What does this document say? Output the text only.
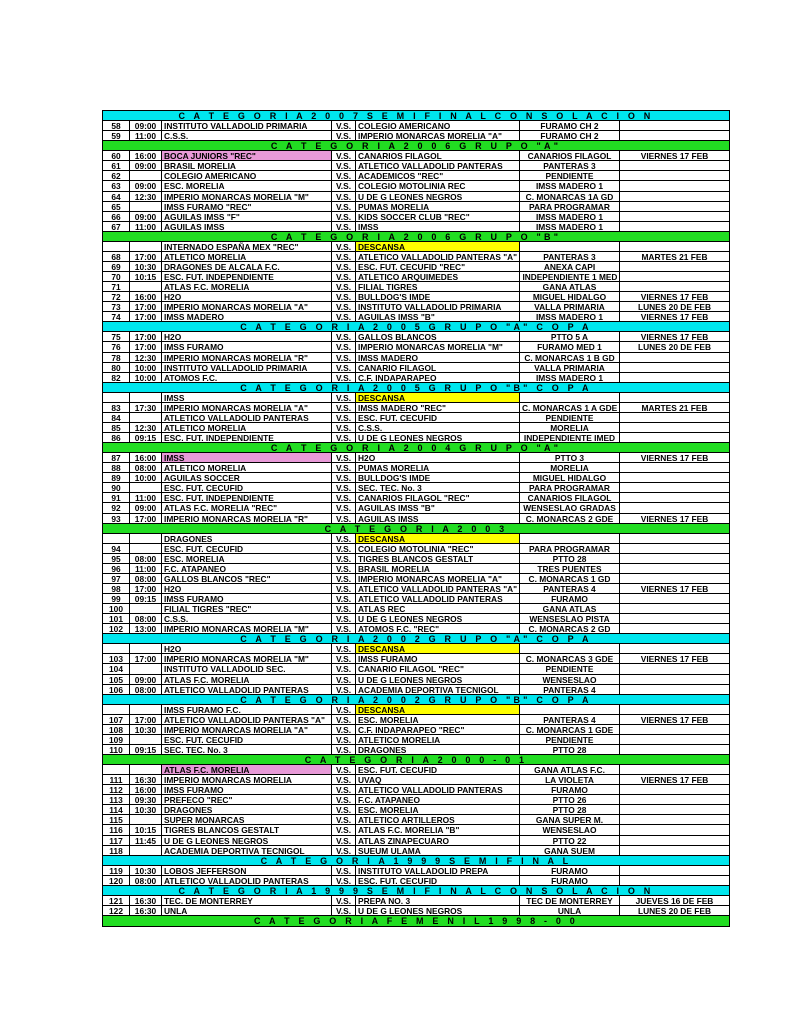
C A T E G O R I A 2 0 0 7 S E M I F I N A L C O N S O L A C I O N
58	09:00 INSTITUTO VALLADOLID PRIMARIA	V.S. COLEGIO AMERICANO	FURAMO CH 2
59	11:00 C.S.S.	V.S. IMPERIO MONARCAS MORELIA "A"	FURAMO CH 2
C A T E G O R I A 2 0 0 6 G R U P O "A"
60	16:00 BOCA JUNIORS "REC"	V.S. CANARIOS FILAGOL	CANARIOS FILAGOL	VIERNES 17 FEB
61	09:00 BRASIL MORELIA	V.S. ATLETICO VALLADOLID PANTERAS	PANTERAS 3
62	COLEGIO AMERICANO	V.S. ACADEMICOS "REC"	PENDIENTE
63	09:00 ESC. MORELIA	V.S. COLEGIO MOTOLINIA REC	IMSS MADERO 1
64	12:30 IMPERIO MONARCAS MORELIA "M"	V.S. U DE G LEONES NEGROS	C. MONARCAS 1A GD
65	IMSS FURAMO "REC"	V.S. PUMAS MORELIA	PARA PROGRAMAR
66	09:00 AGUILAS IMSS "F"	V.S. KIDS SOCCER CLUB "REC"	IMSS MADERO 1
67	11:00 AGUILAS IMSS	V.S. IMSS	IMSS MADERO 1
C A T E G O R I A 2 0 0 6 G R U P O "B"
INTERNADO ESPAÑA MEX "REC"	V.S. DESCANSA
68	17:00 ATLETICO MORELIA	V.S. ATLETICO VALLADOLID PANTERAS "A"	PANTERAS 3	MARTES 21 FEB
69	10:30 DRAGONES DE ALCALA F.C.	V.S. ESC. FUT. CECUFID "REC"	ANEXA CAPI
70	10:15 ESC. FUT. INDEPENDIENTE	V.S. ATLETICO ARQUIMEDES	INDEPENDIENTE 1 MED
71	ATLAS F.C. MORELIA	V.S. FILIAL TIGRES	GANA ATLAS
72	16:00 H2O	V.S. BULLDOG'S IMDE	MIGUEL HIDALGO	VIERNES 17 FEB
73	17:00 IMPERIO MONARCAS MORELIA "A"	V.S. INSTITUTO VALLADOLID PRIMARIA	VALLA PRIMARIA	LUNES 20 DE FEB
74	17:00 IMSS MADERO	V.S. AGUILAS IMSS "B"	IMSS MADERO 1	VIERNES 17 FEB
C A T E G O R I A 2 0 0 5 G R U P O "A" C O P A
75	17:00 H2O	V.S. GALLOS BLANCOS	PTTO 5 A	VIERNES 17 FEB
76	17:00 IMSS FURAMO	V.S. IMPERIO MONARCAS MORELIA "M"	FURAMO MED 1	LUNES 20 DE FEB
78	12:30 IMPERIO MONARCAS MORELIA "R"	V.S. IMSS MADERO	C. MONARCAS 1 B GD
80	10:00 INSTITUTO VALLADOLID PRIMARIA	V.S. CANARIO FILAGOL	VALLA PRIMARIA
82	10:00 ATOMOS F.C.	V.S. C.F. INDAPARAPEO	IMSS MADERO 1
C A T E G O R I A 2 0 0 5 G R U P O "B" C O P A
IMSS	V.S. DESCANSA
83	17:30 IMPERIO MONARCAS MORELIA "A"	V.S. IMSS MADERO "REC"	C. MONARCAS 1 A GDE	MARTES 21 FEB
84	ATLETICO VALLADOLID PANTERAS	V.S. ESC. FUT. CECUFID	PENDIENTE
85	12:30 ATLETICO MORELIA	V.S. C.S.S.	MORELIA
86	09:15 ESC. FUT. INDEPENDIENTE	V.S. U DE G LEONES NEGROS	INDEPENDIENTE IMED
C A T E G O R I A 2 0 0 4 G R U P O "A"
87	16:00 IMSS	V.S. H2O	PTTO 3	VIERNES 17 FEB
88	08:00 ATLETICO MORELIA	V.S. PUMAS MORELIA	MORELIA
89	10:00 AGUILAS SOCCER	V.S. BULLDOG'S IMDE	MIGUEL HIDALGO
90	ESC. FUT. CECUFID	V.S. SEC. TEC. No. 3	PARA PROGRAMAR
91	11:00 ESC. FUT. INDEPENDIENTE	V.S. CANARIOS FILAGOL "REC"	CANARIOS FILAGOL
92	09:00 ATLAS F.C. MORELIA "REC"	V.S. AGUILAS IMSS "B"	WENSESLAO GRADAS
93	17:00 IMPERIO MONARCAS MORELIA "R"	V.S. AGUILAS IMSS	C. MONARCAS 2 GDE	VIERNES 17 FEB
C A T E G O R I A 2 0 0 3
DRAGONES	V.S. DESCANSA
94	ESC. FUT. CECUFID	V.S. COLEGIO MOTOLINIA "REC"	PARA PROGRAMAR
95	08:00 ESC. MORELIA	V.S. TIGRES BLANCOS GESTALT	PTTO 28
96	11:00 F.C. ATAPANEO	V.S. BRASIL MORELIA	TRES PUENTES
97	08:00 GALLOS BLANCOS "REC"	V.S. IMPERIO MONARCAS MORELIA "A"	C. MONARCAS 1 GD
98	17:00 H2O	V.S. ATLETICO VALLADOLID PANTERAS "A"	PANTERAS 4	VIERNES 17 FEB
99	09:15 IMSS FURAMO	V.S. ATLETICO VALLADOLID PANTERAS	FURAMO
100	FILIAL TIGRES "REC"	V.S. ATLAS REC	GANA ATLAS
101	08:00 C.S.S.	V.S. U DE G LEONES NEGROS	WENSESLAO PISTA
102	13:00 IMPERIO MONARCAS MORELIA "M"	V.S. ATOMOS F.C. "REC"	C. MONARCAS 2 GD
C A T E G O R I A 2 0 0 2 G R U P O "A" C O P A
H2O	V.S. DESCANSA
103	17:00 IMPERIO MONARCAS MORELIA "M"	V.S. IMSS FURAMO	C. MONARCAS 3 GDE	VIERNES 17 FEB
104	INSTITUTO VALLADOLID SEC.	V.S. CANARIO FILAGOL "REC"	PENDIENTE
105	09:00 ATLAS F.C. MORELIA	V.S. U DE G LEONES NEGROS	WENSESLAO
106	08:00 ATLETICO VALLADOLID PANTERAS	V.S. ACADEMIA DEPORTIVA TECNIGOL	PANTERAS 4
C A T E G O R I A 2 0 0 2 G R U P O "B" C O P A
IMSS FURAMO F.C.	V.S. DESCANSA
107	17:00 ATLETICO VALLADOLID PANTERAS "A"	V.S. ESC. MORELIA	PANTERAS 4	VIERNES 17 FEB
108	10:30 IMPERIO MONARCAS MORELIA "A"	V.S. C.F. INDAPARAPEO "REC"	C. MONARCAS 1 GDE
109	ESC. FUT. CECUFID	V.S. ATLETICO MORELIA	PENDIENTE
110	09:15 SEC. TEC. No. 3	V.S. DRAGONES	PTTO 28
C A T E G O R I A 2 0 0 0 - 0 1
ATLAS F.C. MORELIA	V.S. ESC. FUT. CECUFID	GANA ATLAS F.C.
111	16:30 IMPERIO MONARCAS MORELIA	V.S. UVAQ	LA VIOLETA	VIERNES 17 FEB
112	16:00 IMSS FURAMO	V.S. ATLETICO VALLADOLID PANTERAS	FURAMO
113	09:30 PREFECO "REC"	V.S. F.C. ATAPANEO	PTTO 26
114	10:30 DRAGONES	V.S. ESC. MORELIA	PTTO 28
115	SUPER MONARCAS	V.S. ATLETICO ARTILLEROS	GANA SUPER M.
116	10:15 TIGRES BLANCOS GESTALT	V.S. ATLAS F.C. MORELIA "B"	WENSESLAO
117	11:45 U DE G LEONES NEGROS	V.S. ATLAS ZINAPECUARO	PTTO 22
118	ACADEMIA DEPORTIVA TECNIGOL	V.S. SUEUM ULAMA	GANA SUEM
C A T E G O R I A 1 9 9 9 S E M I F I N A L
119	10:30 LOBOS JEFFERSON	V.S. INSTITUTO VALLADOLID PREPA	FURAMO
120	08:00 ATLETICO VALLADOLID PANTERAS	V.S. ESC. FUT. CECUFID	FURAMO
C A T E G O R I A 1 9 9 9 S E M I F I N A L C O N S O L A C I O N
121	16:30 TEC. DE MONTERREY	V.S. PREPA NO. 3	TEC DE MONTERREY	JUEVES 16 DE FEB
122	16:30 UNLA	V.S. U DE G LEONES NEGROS	UNLA	LUNES 20 DE FEB
C A T E G O R I A F E M E N I L 1 9 9 8 - 0 0
